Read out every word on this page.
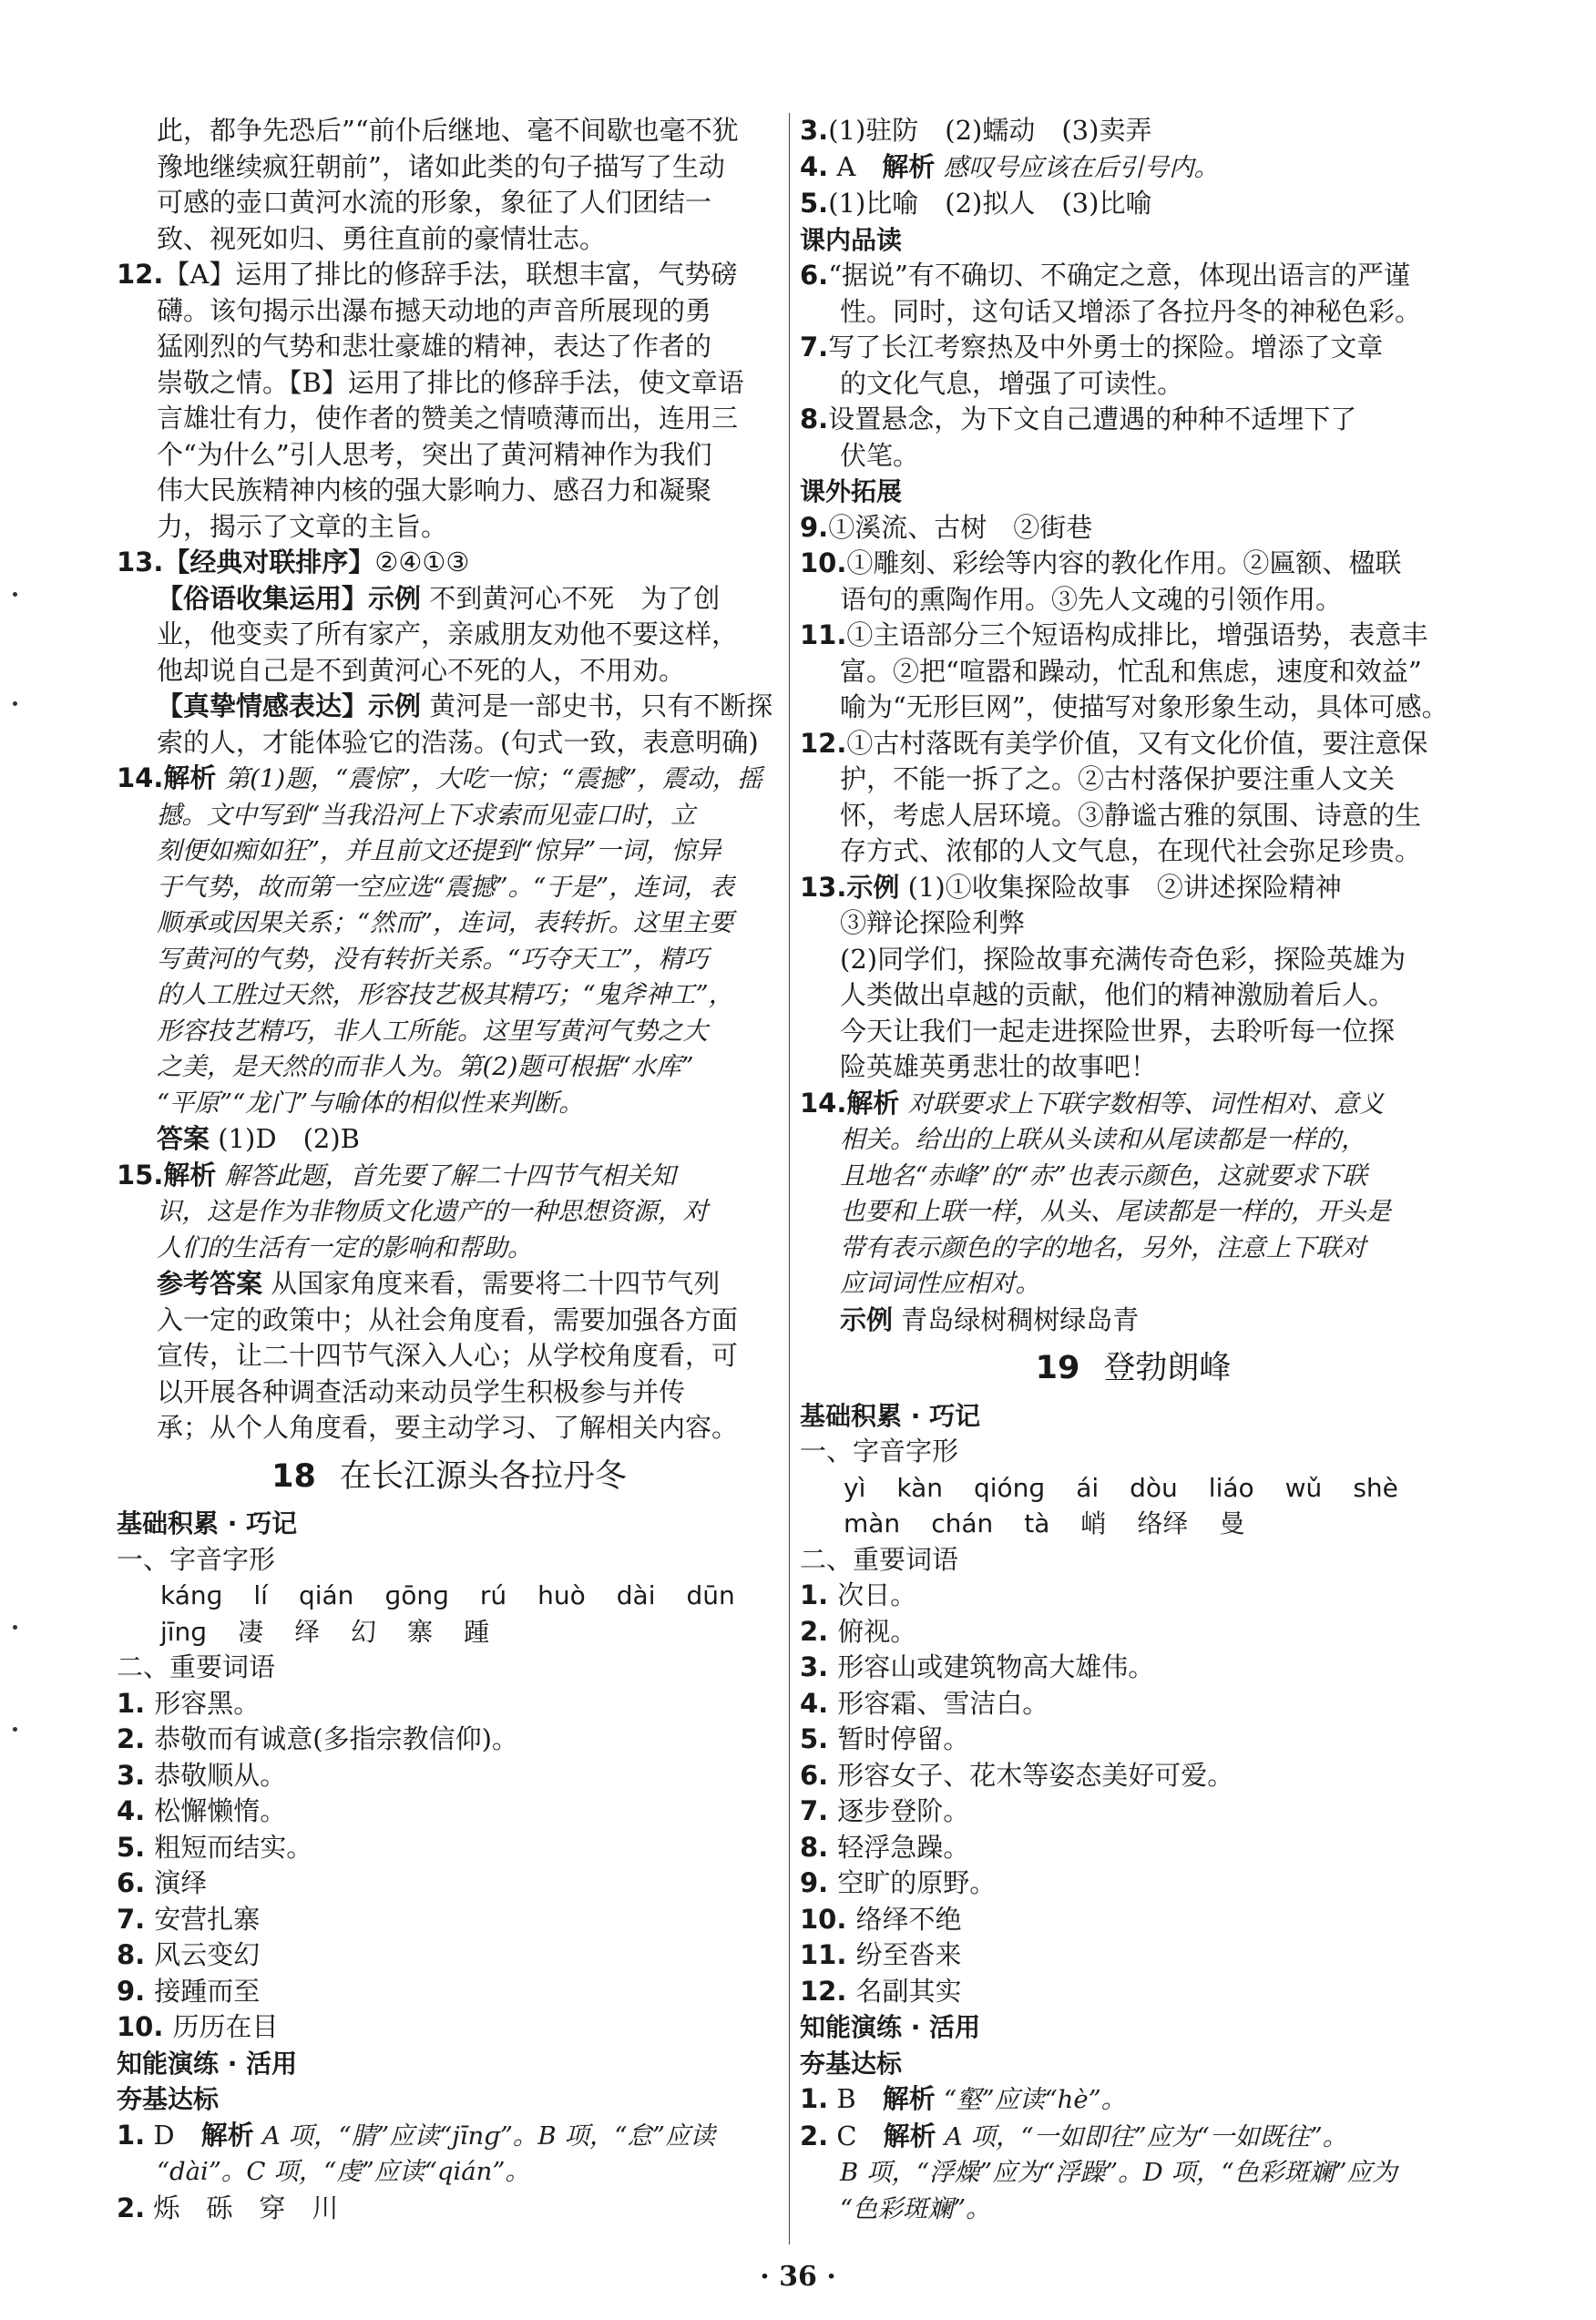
此，都争先恐后”“前仆后继地、毫不间歇也毫不犹
豫地继续疯狂朝前”，诸如此类的句子描写了生动
可感的壶口黄河水流的形象，象征了人们团结一
致、视死如归、勇往直前的豪情壮志。
12.【A】运用了排比的修辞手法，联想丰富，气势磅
礴。该句揭示出瀑布撼天动地的声音所展现的勇
猛刚烈的气势和悲壮豪雄的精神，表达了作者的
崇敬之情。【B】运用了排比的修辞手法，使文章语
言雄壮有力，使作者的赞美之情喷薄而出，连用三
个“为什么”引人思考，突出了黄河精神作为我们
伟大民族精神内核的强大影响力、感召力和凝聚
力，揭示了文章的主旨。
13.【经典对联排序】②④①③
【俗语收集运用】示例 不到黄河心不死　为了创
业，他变卖了所有家产，亲戚朋友劝他不要这样，
他却说自己是不到黄河心不死的人，不用劝。
【真挚情感表达】示例 黄河是一部史书，只有不断探
索的人，才能体验它的浩荡。(句式一致，表意明确)
14.解析 第(1)题，“震惊”，大吃一惊；“震撼”，震动，摇
撼。文中写到“当我沿河上下求索而见壶口时，立
刻便如痴如狂”，并且前文还提到“惊异”一词，惊异
于气势，故而第一空应选“震撼”。“于是”，连词，表
顺承或因果关系；“然而”，连词，表转折。这里主要
写黄河的气势，没有转折关系。“巧夺天工”，精巧
的人工胜过天然，形容技艺极其精巧；“鬼斧神工”，
形容技艺精巧，非人工所能。这里写黄河气势之大
之美，是天然的而非人为。第(2)题可根据“水库”
“平原”“龙门”与喻体的相似性来判断。
答案 (1)D　(2)B
15.解析 解答此题，首先要了解二十四节气相关知
识，这是作为非物质文化遗产的一种思想资源，对
人们的生活有一定的影响和帮助。
参考答案 从国家角度来看，需要将二十四节气列
入一定的政策中；从社会角度看，需要加强各方面
宣传，让二十四节气深入人心；从学校角度看，可
以开展各种调查活动来动员学生积极参与并传
承；从个人角度看，要主动学习、了解相关内容。
18 在长江源头各拉丹冬
基础积累 · 巧记
一、字音字形
kánɡ lí qián ɡōnɡ rú huò dài dūn
jīnɡ 凄 绎 幻 寨 踵
二、重要词语
1. 形容黑。
2. 恭敬而有诚意(多指宗教信仰)。
3. 恭敬顺从。
4. 松懈懒惰。
5. 粗短而结实。
6. 演绎
7. 安营扎寨
8. 风云变幻
9. 接踵而至
10. 历历在目
知能演练 · 活用
夯基达标
1. D　 解析 A 项，“腈”应读“jīnɡ”。B 项，“怠”应读
“dài”。C 项，“虔”应读“qián”。
2. 烁　砾　穿　川
3.(1)驻防　(2)蠕动　(3)卖弄
4. A　 解析 感叹号应该在后引号内。
5.(1)比喻　(2)拟人　(3)比喻
课内品读
6.“据说”有不确切、不确定之意，体现出语言的严谨
性。同时，这句话又增添了各拉丹冬的神秘色彩。
7.写了长江考察热及中外勇士的探险。增添了文章
的文化气息，增强了可读性。
8.设置悬念，为下文自己遭遇的种种不适埋下了
伏笔。
课外拓展
9.①溪流、古树　②街巷
10.①雕刻、彩绘等内容的教化作用。②匾额、楹联
语句的熏陶作用。③先人文魂的引领作用。
11.①主语部分三个短语构成排比，增强语势，表意丰
富。②把“喧嚣和躁动，忙乱和焦虑，速度和效益”
喻为“无形巨网”，使描写对象形象生动，具体可感。
12.①古村落既有美学价值，又有文化价值，要注意保
护，不能一拆了之。②古村落保护要注重人文关
怀，考虑人居环境。③静谧古雅的氛围、诗意的生
存方式、浓郁的人文气息，在现代社会弥足珍贵。
13.示例 (1)①收集探险故事　②讲述探险精神
③辩论探险利弊
(2)同学们，探险故事充满传奇色彩，探险英雄为
人类做出卓越的贡献，他们的精神激励着后人。
今天让我们一起走进探险世界，去聆听每一位探
险英雄英勇悲壮的故事吧！
14.解析 对联要求上下联字数相等、词性相对、意义
相关。给出的上联从头读和从尾读都是一样的，
且地名“赤峰”的“赤”也表示颜色，这就要求下联
也要和上联一样，从头、尾读都是一样的，开头是
带有表示颜色的字的地名，另外，注意上下联对
应词词性应相对。
示例 青岛绿树稠树绿岛青
19 登勃朗峰
基础积累 · 巧记
一、字音字形
yì kàn qiónɡ ái dòu liáo wǔ shè
màn chán tà 峭 络绎 曼
二、重要词语
1. 次日。
2. 俯视。
3. 形容山或建筑物高大雄伟。
4. 形容霜、雪洁白。
5. 暂时停留。
6. 形容女子、花木等姿态美好可爱。
7. 逐步登阶。
8. 轻浮急躁。
9. 空旷的原野。
10. 络绎不绝
11. 纷至沓来
12. 名副其实
知能演练 · 活用
夯基达标
1. B　 解析 “壑”应读“hè”。
2. C　 解析 A 项，“一如即往”应为“一如既往”。
B 项，“浮燥”应为“浮躁”。D 项，“色彩斑斓”应为
“色彩斑斓”。
· 36 ·
